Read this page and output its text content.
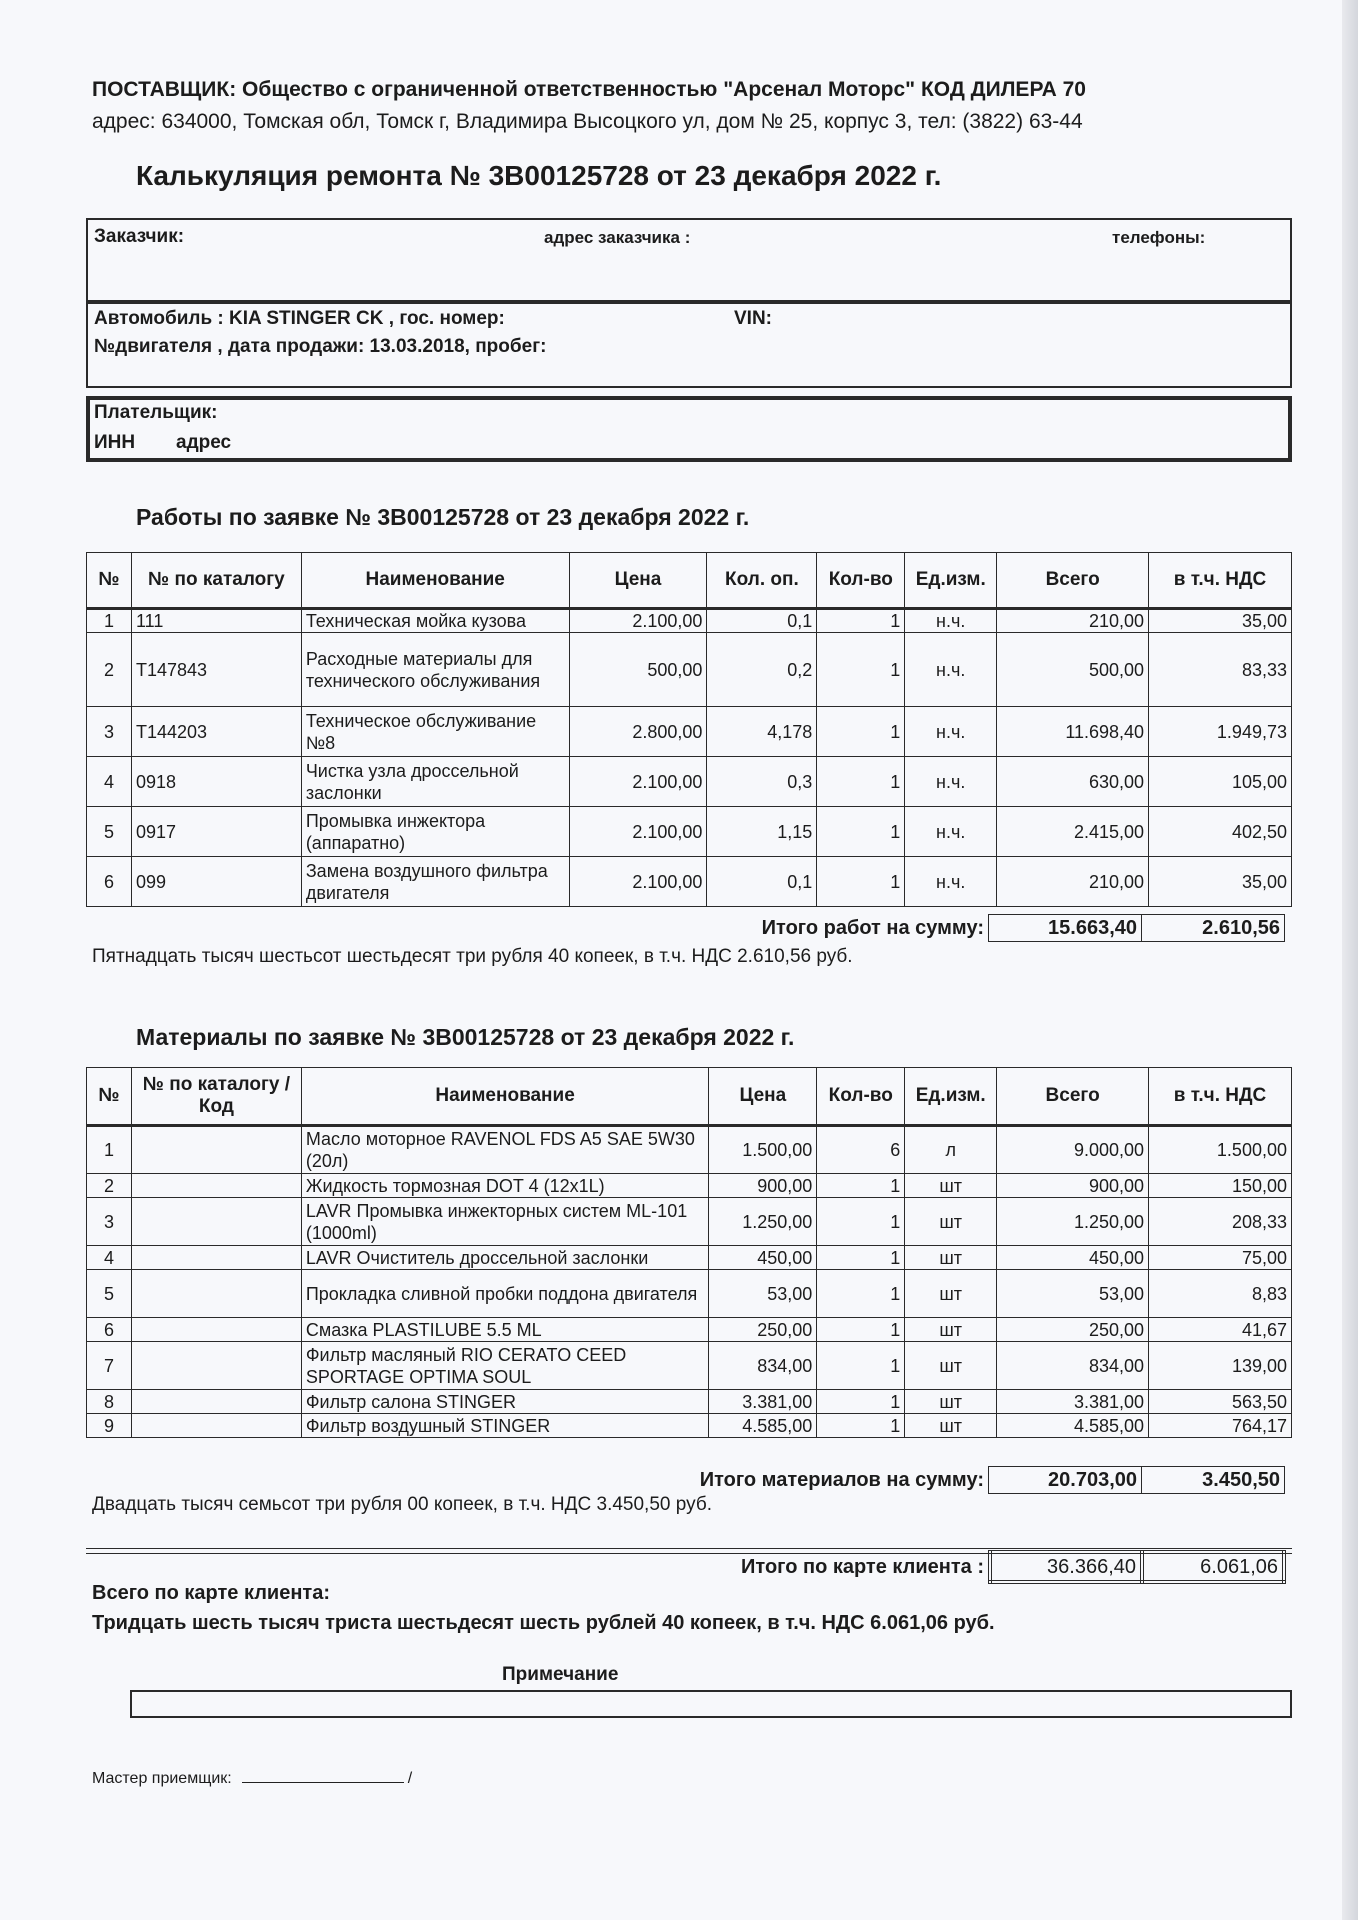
ПОСТАВЩИК: Общество с ограниченной ответственностью "Арсенал Моторс" КОД ДИЛЕРА 70
адрес: 634000, Томская обл, Томск г, Владимира Высоцкого ул, дом № 25, корпус 3, тел: (3822) 63-44
Калькуляция ремонта № 3В00125728 от 23 декабря 2022 г.
Заказчик:	адрес заказчика :	телефоны:
Автомобиль : KIA STINGER CK , гос. номер:	VIN:
№двигателя , дата продажи: 13.03.2018, пробег:
Плательщик:
ИНН адрес
Работы по заявке № 3В00125728 от 23 декабря 2022 г.
№	№ по каталогу	Наименование	Цена	Кол. оп.	Кол-во	Ед.изм.	Всего	в т.ч. НДС
1	111	Техническая мойка кузова	2.100,00	0,1	1	н.ч.	210,00	35,00
2	T147843	Расходные материалы для технического обслуживания	500,00	0,2	1	н.ч.	500,00	83,33
3	T144203	Техническое обслуживание №8	2.800,00	4,178	1	н.ч.	11.698,40	1.949,73
4	0918	Чистка узла дроссельной заслонки	2.100,00	0,3	1	н.ч.	630,00	105,00
5	0917	Промывка инжектора (аппаратно)	2.100,00	1,15	1	н.ч.	2.415,00	402,50
6	099	Замена воздушного фильтра двигателя	2.100,00	0,1	1	н.ч.	210,00	35,00
Итого работ на сумму:	15.663,40	2.610,56
Пятнадцать тысяч шестьсот шестьдесят три рубля 40 копеек, в т.ч. НДС 2.610,56 руб.
Материалы по заявке № 3В00125728 от 23 декабря 2022 г.
№	№ по каталогу / Код	Наименование	Цена	Кол-во	Ед.изм.	Всего	в т.ч. НДС
1		Масло моторное RAVENOL FDS A5 SAE 5W30 (20л)	1.500,00	6	л	9.000,00	1.500,00
2		Жидкость тормозная DOT 4 (12x1L)	900,00	1	шт	900,00	150,00
3		LAVR Промывка инжекторных систем ML-101 (1000ml)	1.250,00	1	шт	1.250,00	208,33
4		LAVR Очиститель дроссельной заслонки	450,00	1	шт	450,00	75,00
5		Прокладка сливной пробки поддона двигателя	53,00	1	шт	53,00	8,83
6		Смазка PLASTILUBE 5.5 ML	250,00	1	шт	250,00	41,67
7		Фильтр масляный RIO CERATO CEED SPORTAGE OPTIMA SOUL	834,00	1	шт	834,00	139,00
8		Фильтр салона STINGER	3.381,00	1	шт	3.381,00	563,50
9		Фильтр воздушный STINGER	4.585,00	1	шт	4.585,00	764,17
Итого материалов на сумму:	20.703,00	3.450,50
Двадцать тысяч семьсот три рубля 00 копеек, в т.ч. НДС 3.450,50 руб.
Итого по карте клиента :	36.366,40	6.061,06
Всего по карте клиента:
Тридцать шесть тысяч триста шестьдесят шесть рублей 40 копеек, в т.ч. НДС 6.061,06 руб.
Примечание
Мастер приемщик:	/
